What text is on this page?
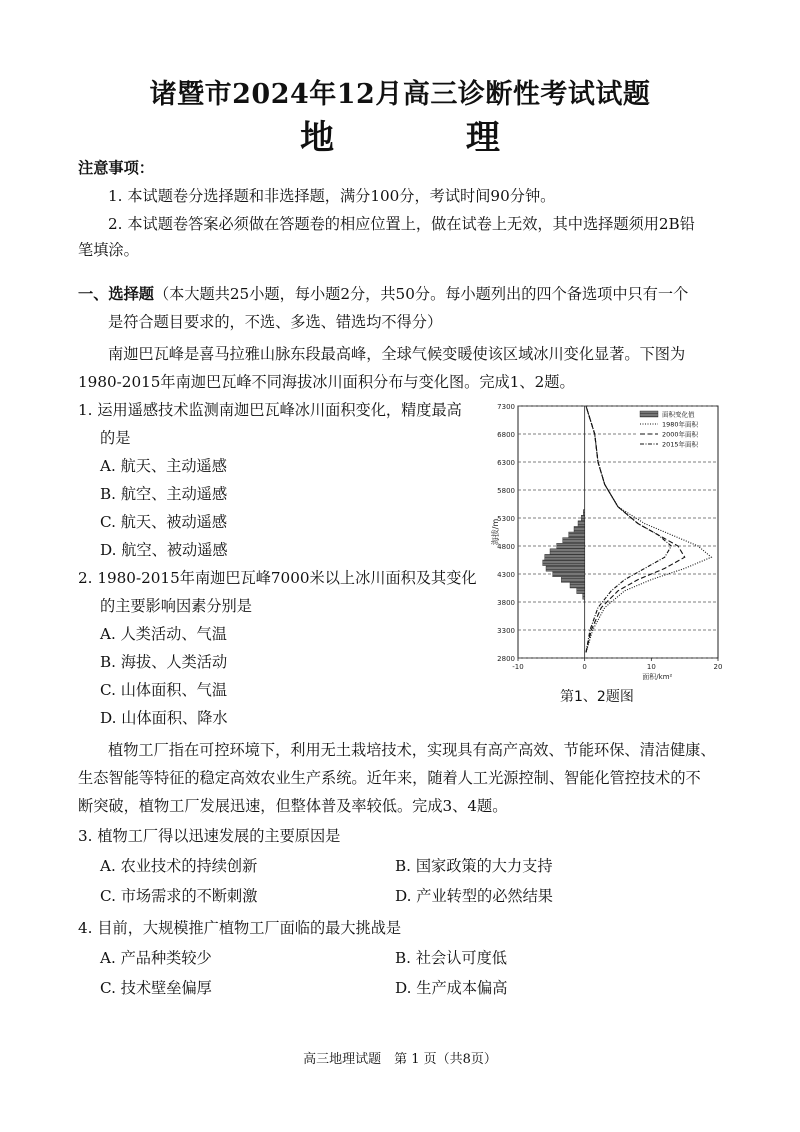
诸暨市2024年12月高三诊断性考试试题
地 理
注意事项：
1. 本试题卷分选择题和非选择题，满分100分，考试时间90分钟。
2. 本试题卷答案必须做在答题卷的相应位置上，做在试卷上无效，其中选择题须用2B铅
笔填涂。
一、选择题（本大题共25小题，每小题2分，共50分。每小题列出的四个备选项中只有一个
是符合题目要求的，不选、多选、错选均不得分）
南迦巴瓦峰是喜马拉雅山脉东段最高峰，全球气候变暖使该区域冰川变化显著。下图为
1980-2015年南迦巴瓦峰不同海拔冰川面积分布与变化图。完成1、2题。
1. 运用遥感技术监测南迦巴瓦峰冰川面积变化，精度最高
的是
A. 航天、主动遥感
B. 航空、主动遥感
C. 航天、被动遥感
D. 航空、被动遥感
2. 1980-2015年南迦巴瓦峰7000米以上冰川面积及其变化
的主要影响因素分别是
A. 人类活动、气温
B. 海拔、人类活动
C. 山体面积、气温
D. 山体面积、降水
7300
6800
6300
5800
5300
4800
4300
3800
3300
2800
-10	0	10	20
海拔/m
面积/km²
面积变化值
1980年面积
2000年面积
2015年面积
第1、2题图
植物工厂指在可控环境下，利用无土栽培技术，实现具有高产高效、节能环保、清洁健康、
生态智能等特征的稳定高效农业生产系统。近年来，随着人工光源控制、智能化管控技术的不
断突破，植物工厂发展迅速，但整体普及率较低。完成3、4题。
3. 植物工厂得以迅速发展的主要原因是
A. 农业技术的持续创新	B. 国家政策的大力支持
C. 市场需求的不断刺激	D. 产业转型的必然结果
4. 目前，大规模推广植物工厂面临的最大挑战是
A. 产品种类较少	B. 社会认可度低
C. 技术壁垒偏厚	D. 生产成本偏高
高三地理试题　第 1 页（共8页）
